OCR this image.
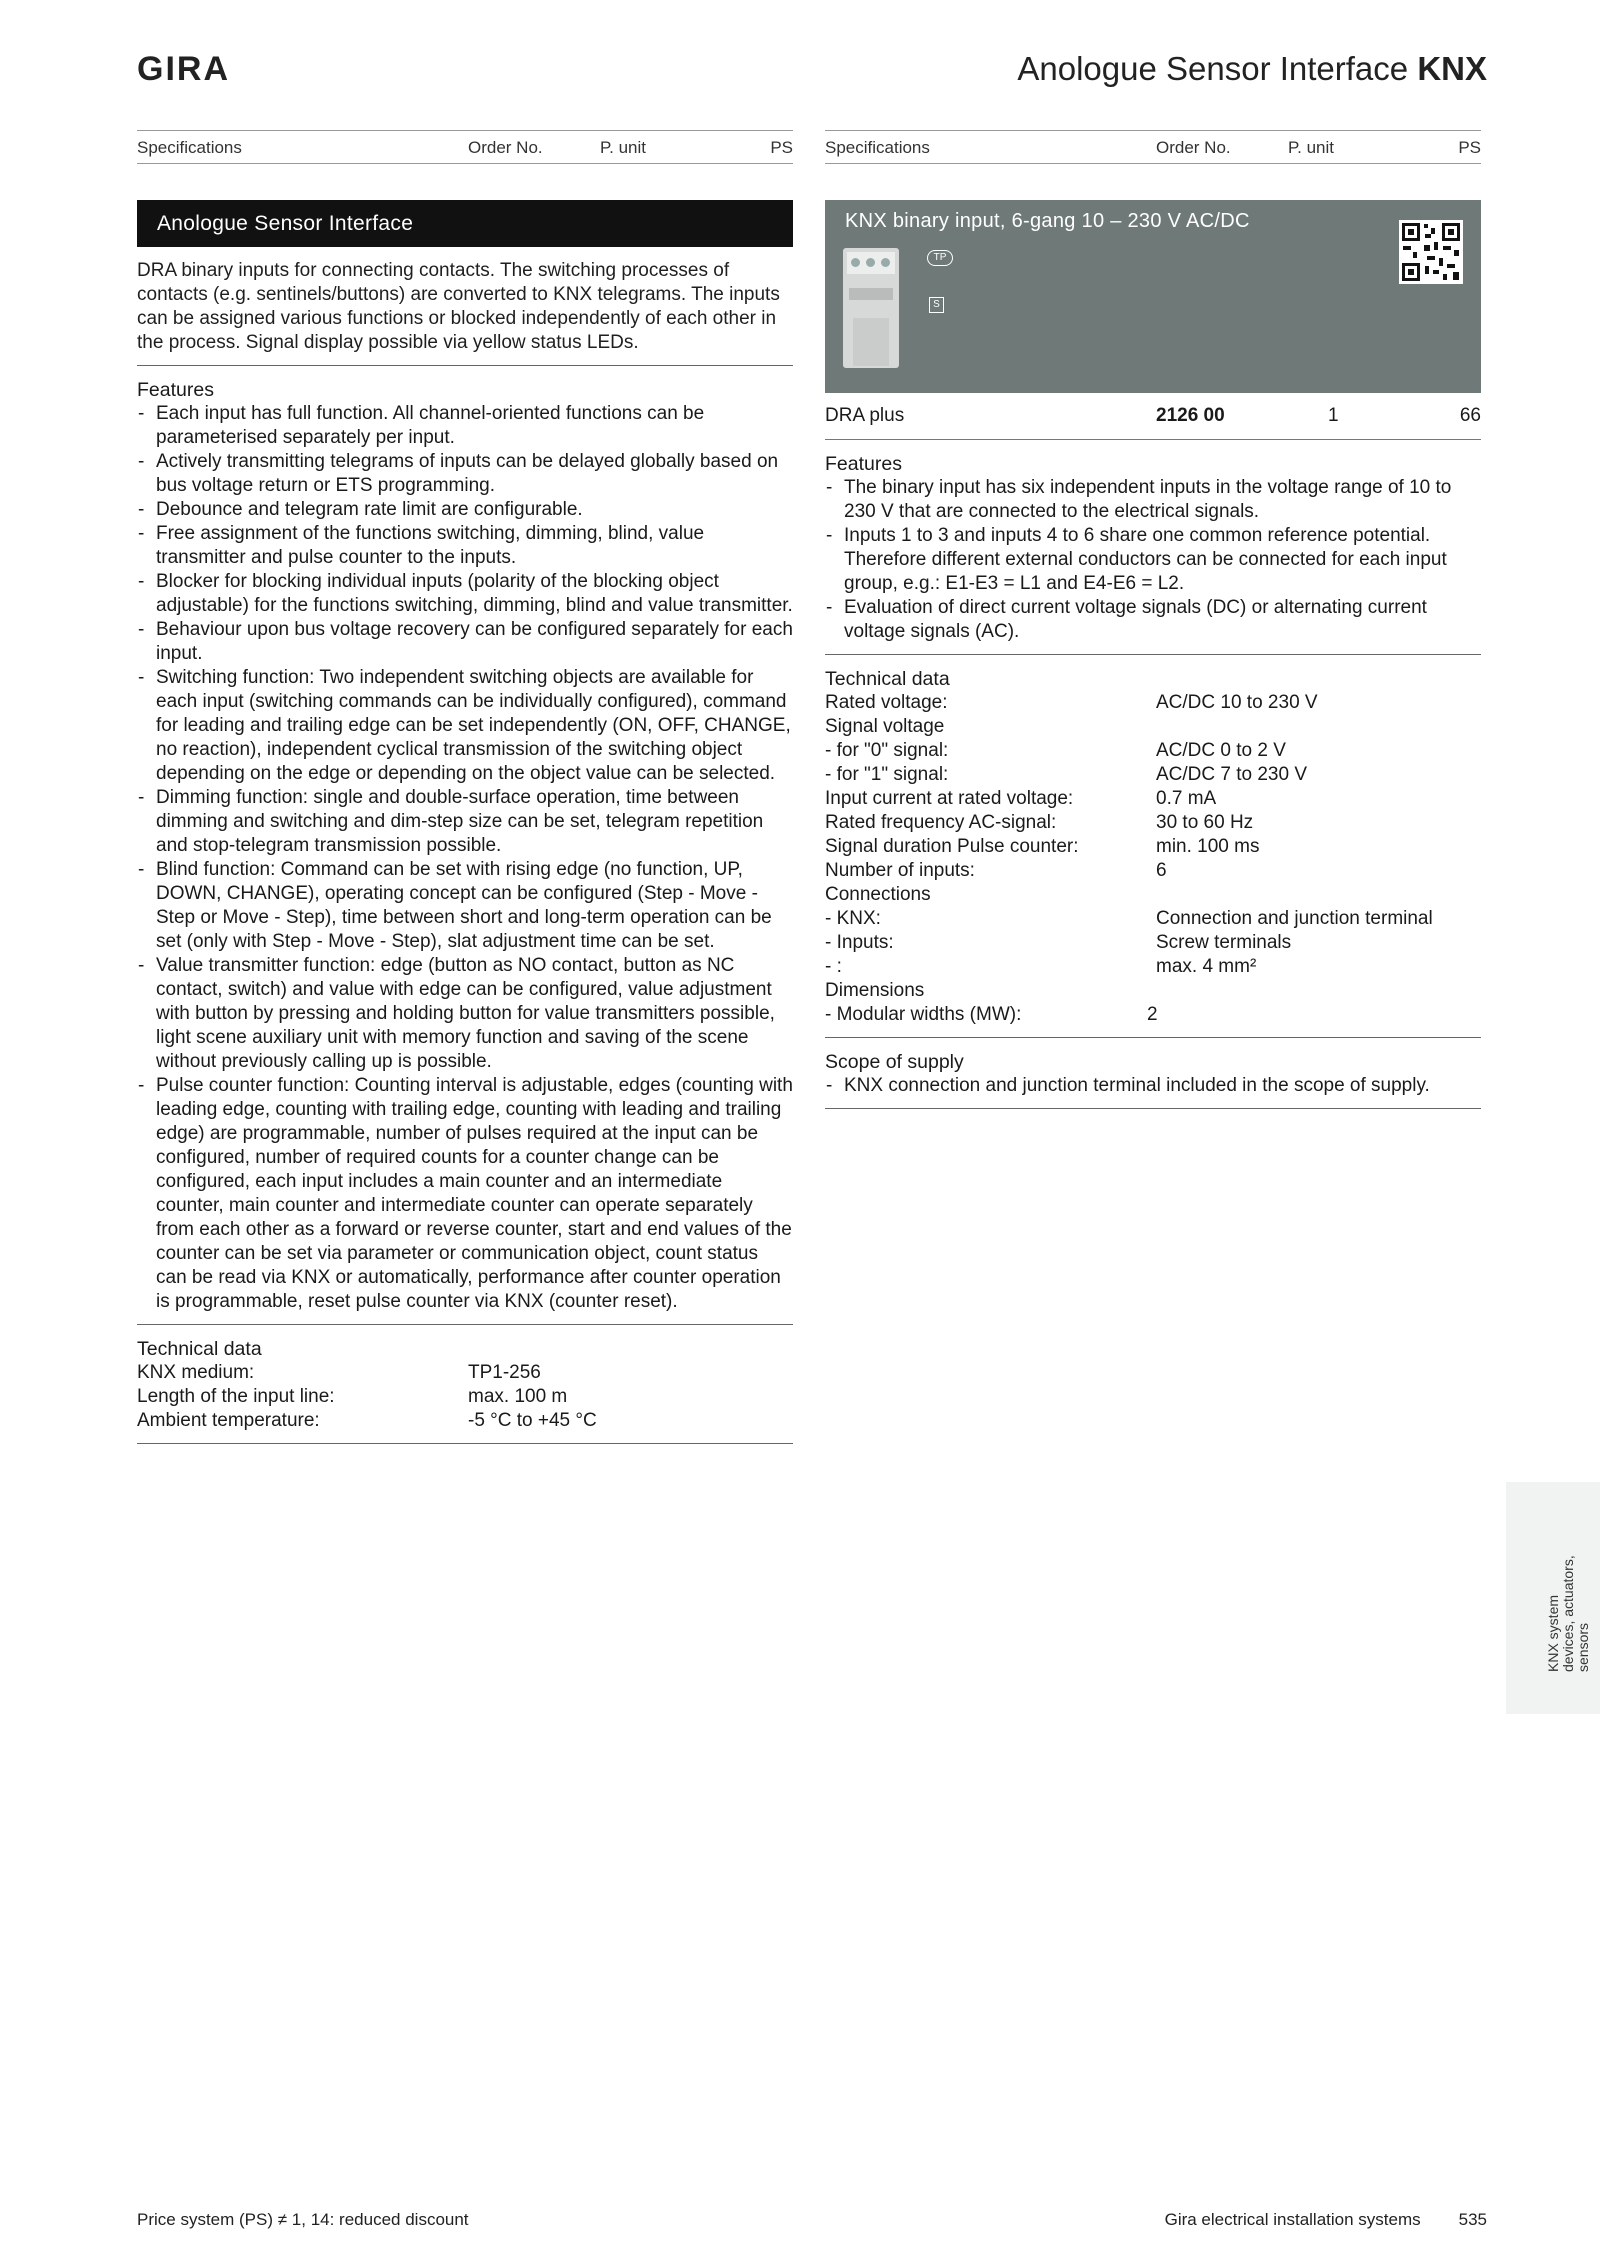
GIRA	Anologue Sensor Interface KNX
Specifications	Order No.	P. unit	PS
Anologue Sensor Interface
DRA binary inputs for connecting contacts. The switching processes of contacts (e.g. sentinels/buttons) are converted to KNX telegrams. The inputs can be assigned various functions or blocked independently of each other in the process. Signal display possible via yellow status LEDs.
Features
- Each input has full function. All channel-oriented functions can be parameterised separately per input.
- Actively transmitting telegrams of inputs can be delayed globally based on bus voltage return or ETS programming.
- Debounce and telegram rate limit are configurable.
- Free assignment of the functions switching, dimming, blind, value transmitter and pulse counter to the inputs.
- Blocker for blocking individual inputs (polarity of the blocking object adjustable) for the functions switching, dimming, blind and value transmitter.
- Behaviour upon bus voltage recovery can be configured separately for each input.
- Switching function: Two independent switching objects are available for each input (switching commands can be individually configured), command for leading and trailing edge can be set independently (ON, OFF, CHANGE, no reaction), independent cyclical transmission of the switching object depending on the edge or depending on the object value can be selected.
- Dimming function: single and double-surface operation, time between dimming and switching and dim-step size can be set, telegram repetition and stop-telegram transmission possible.
- Blind function: Command can be set with rising edge (no function, UP, DOWN, CHANGE), operating concept can be configured (Step - Move - Step or Move - Step), time between short and long-term operation can be set (only with Step - Move - Step), slat adjustment time can be set.
- Value transmitter function: edge (button as NO contact, button as NC contact, switch) and value with edge can be configured, value adjustment with button by pressing and holding button for value transmitters possible, light scene auxiliary unit with memory function and saving of the scene without previously calling up is possible.
- Pulse counter function: Counting interval is adjustable, edges (counting with leading edge, counting with trailing edge, counting with leading and trailing edge) are programmable, number of pulses required at the input can be configured, number of required counts for a counter change can be configured, each input includes a main counter and an intermediate counter, main counter and intermediate counter can operate separately from each other as a forward or reverse counter, start and end values of the counter can be set via parameter or communication object, count status can be read via KNX or automatically, performance after counter operation is programmable, reset pulse counter via KNX (counter reset).
Technical data
KNX medium:	TP1-256
Length of the input line:	max. 100 m
Ambient temperature:	-5 °C to +45 °C
Specifications	Order No.	P. unit	PS
KNX binary input, 6-gang 10 – 230 V AC/DC
TP
S
DRA plus	2126 00	1	66
Features
- The binary input has six independent inputs in the voltage range of 10 to 230 V that are connected to the electrical signals.
- Inputs 1 to 3 and inputs 4 to 6 share one common reference potential. Therefore different external conductors can be connected for each input group, e.g.: E1-E3 = L1 and E4-E6 = L2.
- Evaluation of direct current voltage signals (DC) or alternating current voltage signals (AC).
Technical data
Rated voltage:	AC/DC 10 to 230 V
Signal voltage
- for "0" signal:	AC/DC 0 to 2 V
- for "1" signal:	AC/DC 7 to 230 V
Input current at rated voltage:	0.7 mA
Rated frequency AC-signal:	30 to 60 Hz
Signal duration Pulse counter:	min. 100 ms
Number of inputs:	6
Connections
- KNX:	Connection and junction terminal
- Inputs:	Screw terminals
- :	max. 4 mm²
Dimensions
- Modular widths (MW):	2
Scope of supply
- KNX connection and junction terminal included in the scope of supply.
KNX system devices, actuators, sensors
Price system (PS) ≠ 1, 14: reduced discount	Gira electrical installation systems 535
